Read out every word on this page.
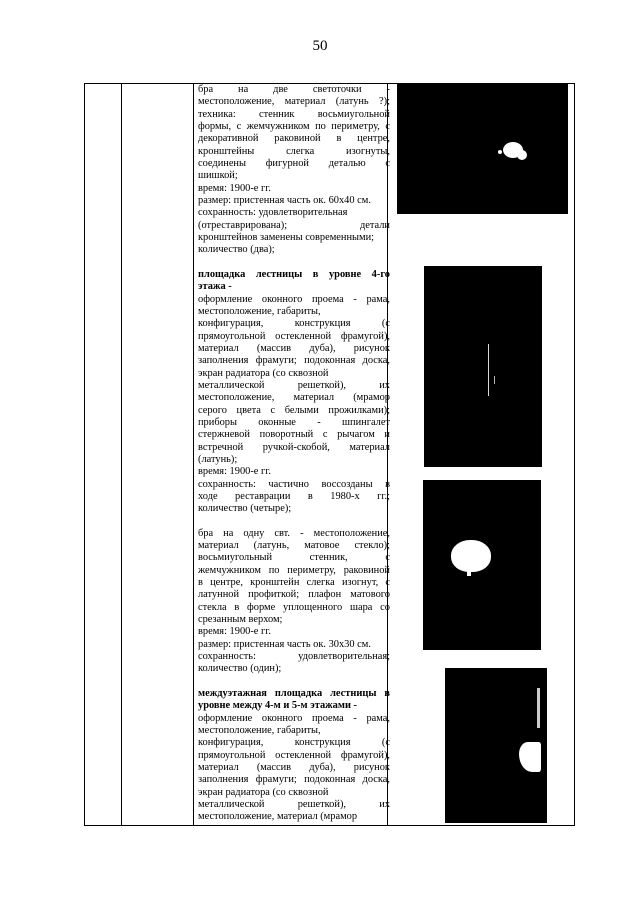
50

бра на две светоточки -

местоположение, материал (латунь ?);

техника: стенник восьмиугольной

формы, с жемчужником по периметру, с

декоративной раковиной в центре,

кронштейны слегка изогнуты,

соединены фигурной деталью с

шишкой;

время: 1900-е гг.

размер: пристенная часть ок. 60х40 см.

сохранность: удовлетворительная

(отреставрирована); детали

кронштейнов заменены современными;

количество (два);

площадка лестницы в уровне 4-го

этажа -

оформление оконного проема - рама,

местоположение, габариты,

конфигурация, конструкция (с

прямоугольной остекленной фрамугой),

материал (массив дуба), рисунок

заполнения фрамуги; подоконная доска,

экран радиатора (со сквозной

металлической решеткой), их

местоположение, материал (мрамор

серого цвета с белыми прожилками);

приборы оконные - шпингалет

стержневой поворотный с рычагом и

встречной ручкой-скобой, материал

(латунь);

время: 1900-е гг.

сохранность: частично воссозданы в

ходе реставрации в 1980-х гг.;

количество (четыре);

бра на одну свт. - местоположение,

материал (латунь, матовое стекло);

восьмиугольный стенник, с

жемчужником по периметру, раковиной

в центре, кронштейн слегка изогнут, с

латунной профиткой; плафон матового

стекла в форме уплощенного шара со

срезанным верхом;

время: 1900-е гг.

размер: пристенная часть ок. 30х30 см.

сохранность: удовлетворительная;

количество (один);

междуэтажная площадка лестницы в

уровне между 4-м и 5-м этажами -

оформление оконного проема - рама,

местоположение, габариты,

конфигурация, конструкция (с

прямоугольной остекленной фрамугой),

материал (массив дуба), рисунок

заполнения фрамуги; подоконная доска,

экран радиатора (со сквозной

металлической решеткой), их

местоположение, материал (мрамор
